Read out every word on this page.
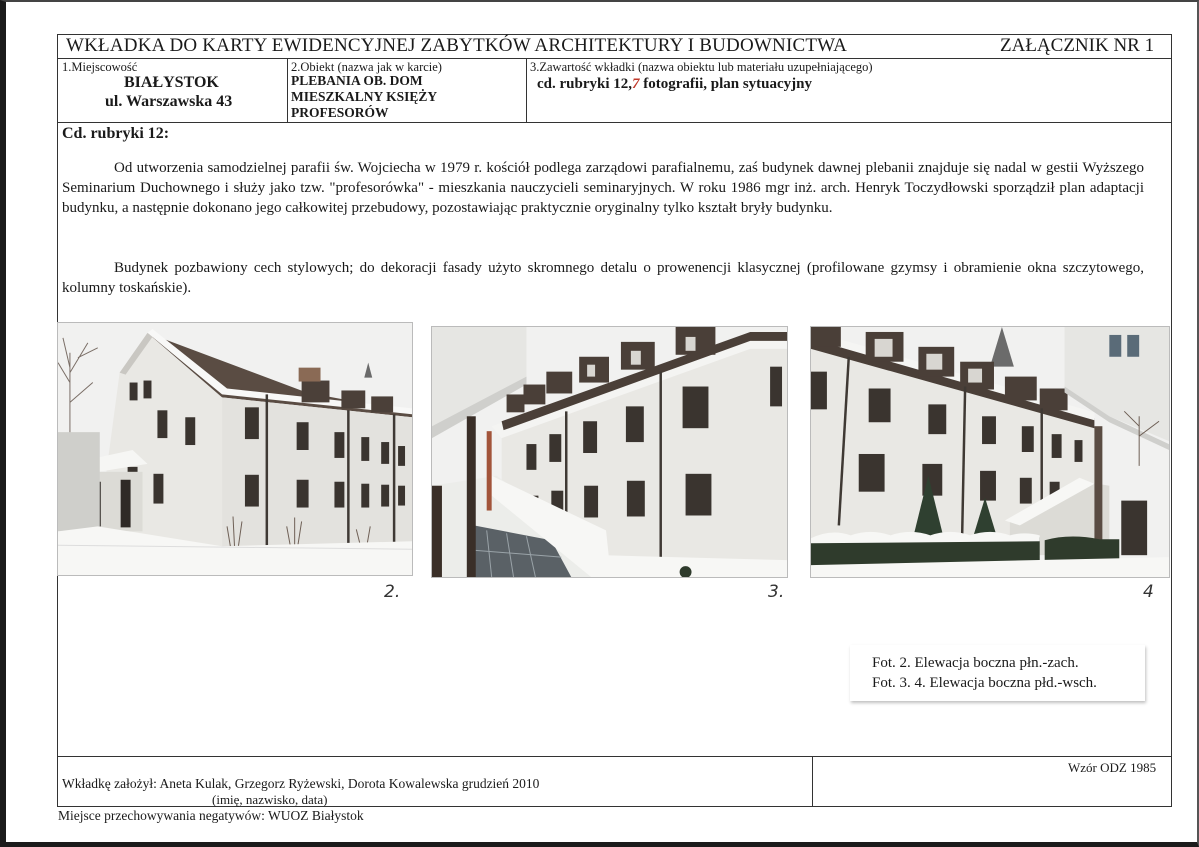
WKŁADKA DO KARTY EWIDENCYJNEJ ZABYTKÓW ARCHITEKTURY I BUDOWNICTWA	ZAŁĄCZNIK NR 1
1.Miejscowość
BIAŁYSTOK
ul. Warszawska 43
2.Obiekt (nazwa jak w karcie)
PLEBANIA OB. DOM
MIESZKALNY KSIĘŻY
PROFESORÓW
3.Zawartość wkładki (nazwa obiektu lub materiału uzupełniającego)
cd. rubryki 12,7 fotografii, plan sytuacyjny
Cd. rubryki 12:
Od utworzenia samodzielnej parafii św. Wojciecha w 1979 r. kościół podlega zarządowi parafialnemu, zaś budynek dawnej plebanii znajduje się nadal w gestii Wyższego Seminarium Duchownego i służy jako tzw. "profesorówka" - mieszkania nauczycieli seminaryjnych. W roku 1986 mgr inż. arch. Henryk Toczydłowski sporządził plan adaptacji budynku, a następnie dokonano jego całkowitej przebudowy, pozostawiając praktycznie oryginalny tylko kształt bryły budynku.
Budynek pozbawiony cech stylowych; do dekoracji fasady użyto skromnego detalu o prowenencji klasycznej (profilowane gzymsy i obramienie okna szczytowego, kolumny toskańskie).
2.	3.	4
Fot. 2. Elewacja boczna płn.-zach.
Fot. 3. 4. Elewacja boczna płd.-wsch.
Wzór ODZ 1985
Wkładkę założył: Aneta Kulak, Grzegorz Ryżewski, Dorota Kowalewska grudzień 2010
(imię, nazwisko, data)
Miejsce przechowywania negatywów: WUOZ Białystok
